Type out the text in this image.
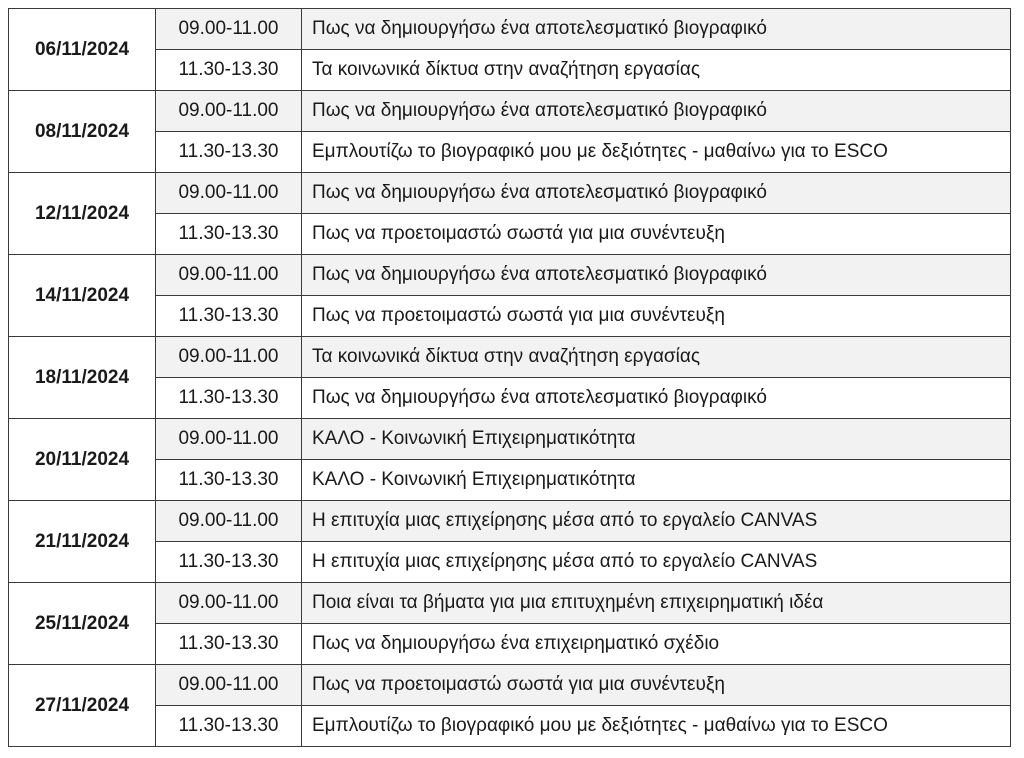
06/11/2024	09.00-11.00	Πως να δημιουργήσω ένα αποτελεσματικό βιογραφικό
	11.30-13.30	Τα κοινωνικά δίκτυα στην αναζήτηση εργασίας
08/11/2024	09.00-11.00	Πως να δημιουργήσω ένα αποτελεσματικό βιογραφικό
	11.30-13.30	Εμπλουτίζω το βιογραφικό μου με δεξιότητες - μαθαίνω για το ESCO
12/11/2024	09.00-11.00	Πως να δημιουργήσω ένα αποτελεσματικό βιογραφικό
	11.30-13.30	Πως να προετοιμαστώ σωστά για μια συνέντευξη
14/11/2024	09.00-11.00	Πως να δημιουργήσω ένα αποτελεσματικό βιογραφικό
	11.30-13.30	Πως να προετοιμαστώ σωστά για μια συνέντευξη
18/11/2024	09.00-11.00	Τα κοινωνικά δίκτυα στην αναζήτηση εργασίας
	11.30-13.30	Πως να δημιουργήσω ένα αποτελεσματικό βιογραφικό
20/11/2024	09.00-11.00	ΚΑΛΟ - Κοινωνική Επιχειρηματικότητα
	11.30-13.30	ΚΑΛΟ - Κοινωνική Επιχειρηματικότητα
21/11/2024	09.00-11.00	Η επιτυχία μιας επιχείρησης μέσα από το εργαλείο CANVAS
	11.30-13.30	Η επιτυχία μιας επιχείρησης μέσα από το εργαλείο CANVAS
25/11/2024	09.00-11.00	Ποια είναι τα βήματα για μια επιτυχημένη επιχειρηματική ιδέα
	11.30-13.30	Πως να δημιουργήσω ένα επιχειρηματικό σχέδιο
27/11/2024	09.00-11.00	Πως να προετοιμαστώ σωστά για μια συνέντευξη
	11.30-13.30	Εμπλουτίζω το βιογραφικό μου με δεξιότητες - μαθαίνω για το ESCO
